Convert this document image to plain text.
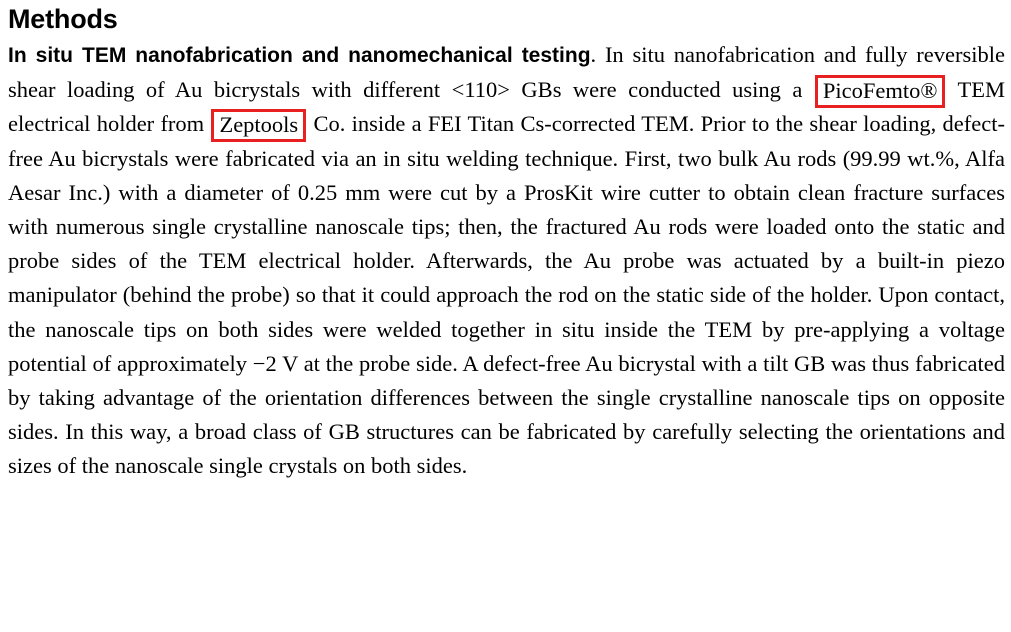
Methods

In situ TEM nanofabrication and nanomechanical testing. In situ nanofabrication and fully reversible shear loading of Au bicrystals with different <110> GBs were conducted using a PicoFemto® TEM electrical holder from Zeptools Co. inside a FEI Titan Cs-corrected TEM. Prior to the shear loading, defect-free Au bicrystals were fabricated via an in situ welding technique. First, two bulk Au rods (99.99 wt.%, Alfa Aesar Inc.) with a diameter of 0.25 mm were cut by a ProsKit wire cutter to obtain clean fracture surfaces with numerous single crystalline nanoscale tips; then, the fractured Au rods were loaded onto the static and probe sides of the TEM electrical holder. Afterwards, the Au probe was actuated by a built-in piezo manipulator (behind the probe) so that it could approach the rod on the static side of the holder. Upon contact, the nanoscale tips on both sides were welded together in situ inside the TEM by pre-applying a voltage potential of approximately −2 V at the probe side. A defect-free Au bicrystal with a tilt GB was thus fabricated by taking advantage of the orientation differences between the single crystalline nanoscale tips on opposite sides. In this way, a broad class of GB structures can be fabricated by carefully selecting the orientations and sizes of the nanoscale single crystals on both sides.
